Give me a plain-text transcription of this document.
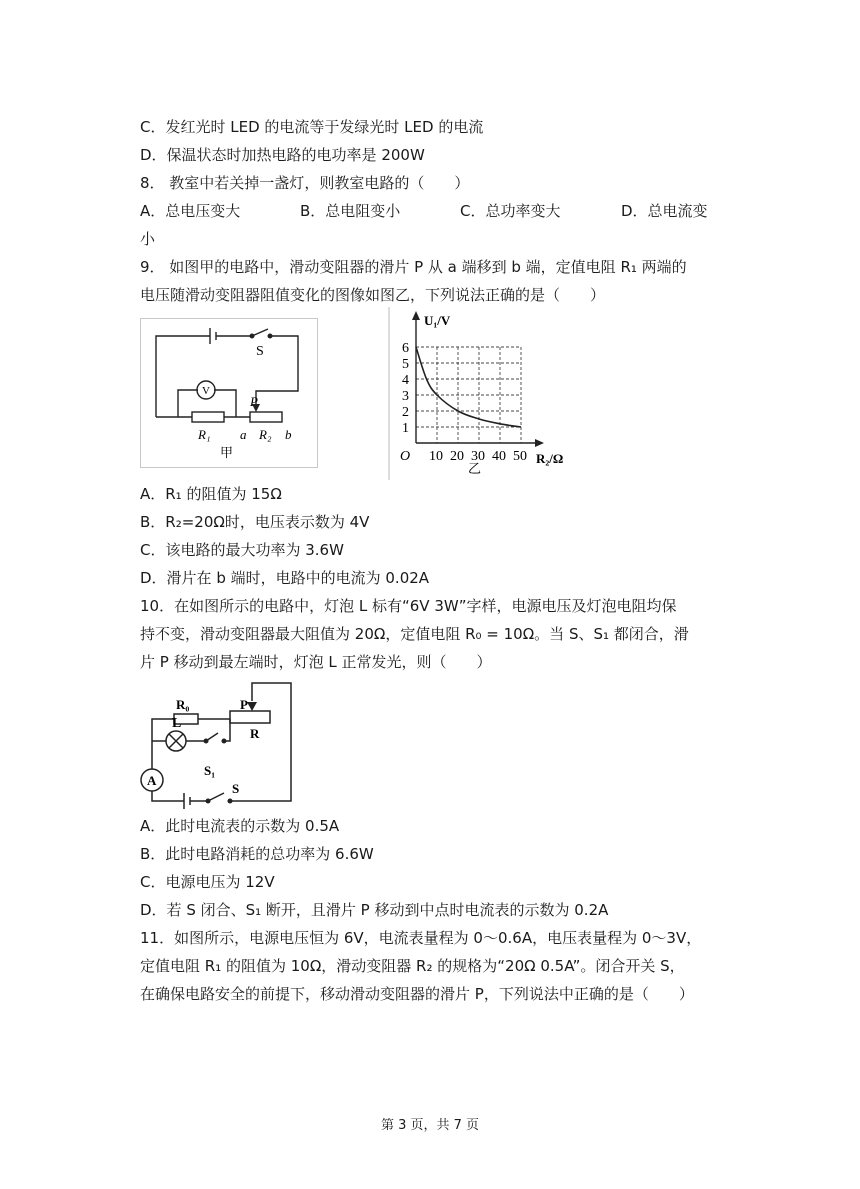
C．发红光时 LED 的电流等于发绿光时 LED 的电流
D．保温状态时加热电路的电功率是 200W
8． 教室中若关掉一盏灯，则教室电路的（　　）
A．总电压变大	B．总电阻变小	C．总功率变大	D．总电流变
小
9． 如图甲的电路中，滑动变阻器的滑片 P 从 a 端移到 b 端，定值电阻 R₁ 两端的
电压随滑动变阻器阻值变化的图像如图乙，下列说法正确的是（　　）
V
S
P
R₁ a R₂ b
甲
1
2
3
4
5
6
10 20 30 40 50
U₁/V
R₂/Ω
O
乙
A．R₁ 的阻值为 15Ω
B．R₂=20Ω时，电压表示数为 4V
C．该电路的最大功率为 3.6W
D．滑片在 b 端时，电路中的电流为 0.02A
10．在如图所示的电路中，灯泡 L 标有“6V 3W”字样，电源电压及灯泡电阻均保
持不变，滑动变阻器最大阻值为 20Ω，定值电阻 R₀ = 10Ω。当 S、S₁ 都闭合，滑
片 P 移动到最左端时，灯泡 L 正常发光，则（　　）
R₀	P
R
L
S₁
A
S
A．此时电流表的示数为 0.5A
B．此时电路消耗的总功率为 6.6W
C．电源电压为 12V
D．若 S 闭合、S₁ 断开，且滑片 P 移动到中点时电流表的示数为 0.2A
11．如图所示，电源电压恒为 6V，电流表量程为 0～0.6A，电压表量程为 0～3V，
定值电阻 R₁ 的阻值为 10Ω，滑动变阻器 R₂ 的规格为“20Ω 0.5A”。闭合开关 S，
在确保电路安全的前提下，移动滑动变阻器的滑片 P，下列说法中正确的是（　　）
第 3 页，共 7 页
